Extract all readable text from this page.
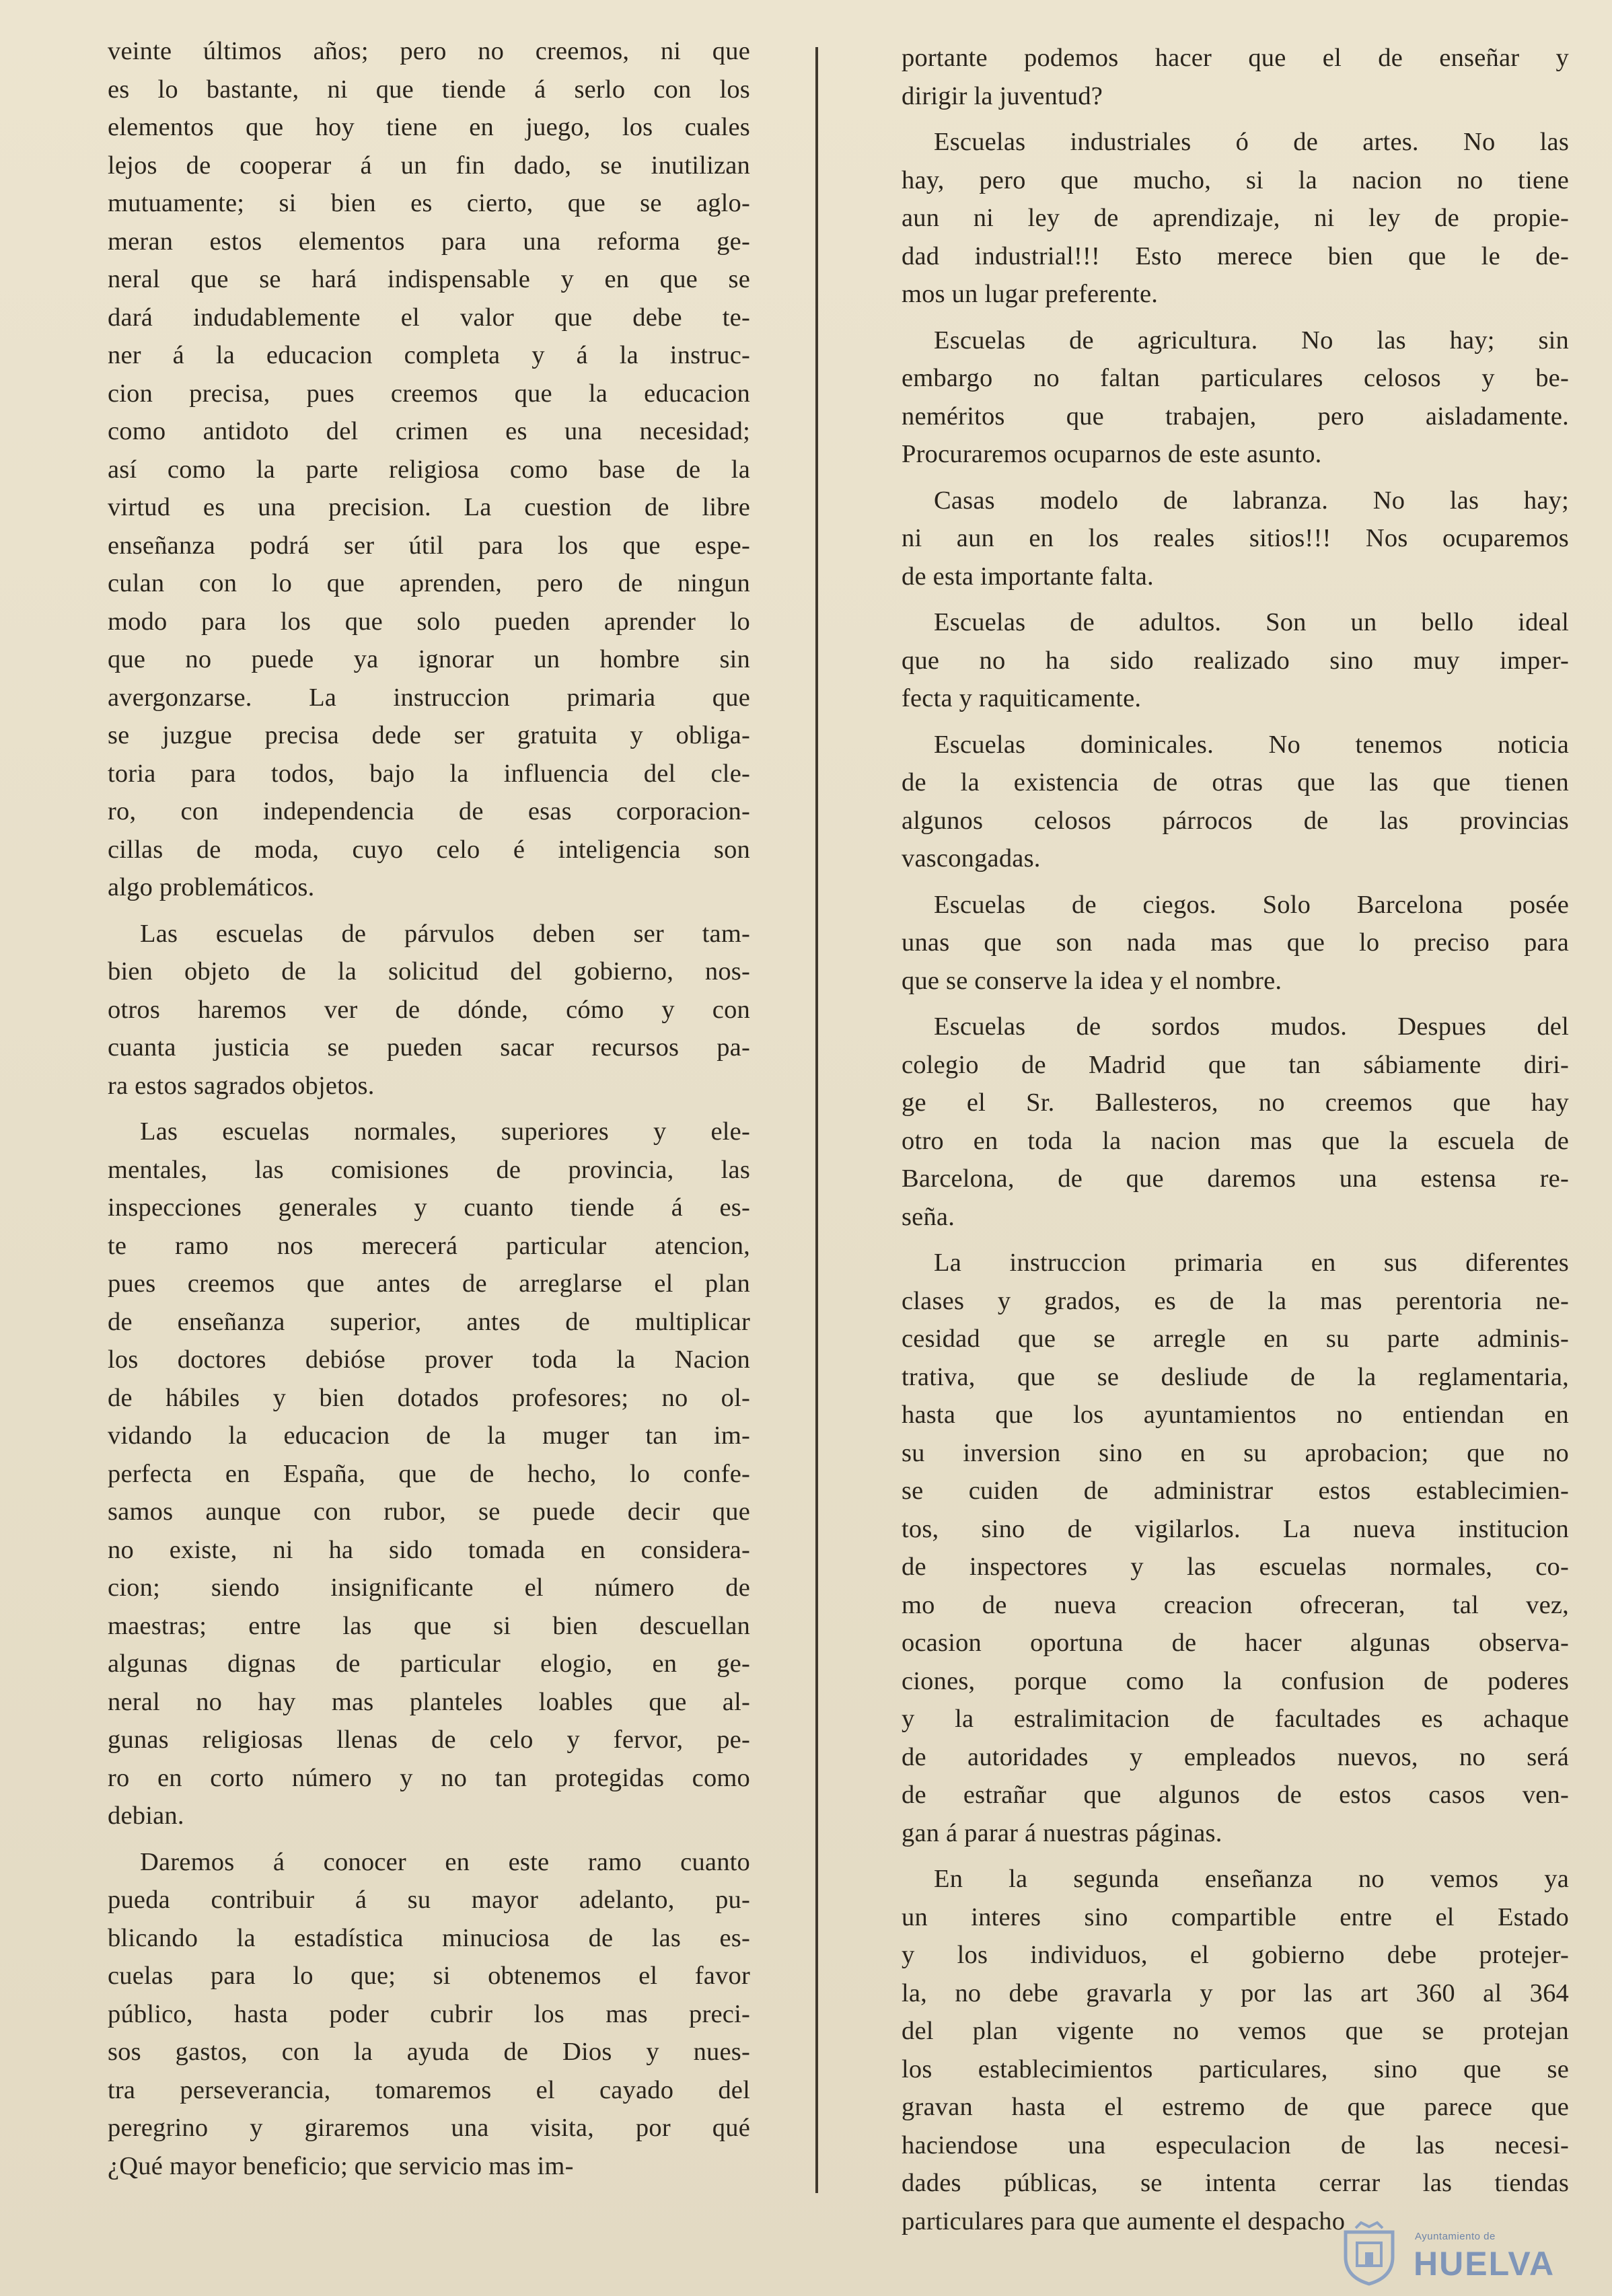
veinte últimos años; pero no creemos, ni que
es lo bastante, ni que tiende á serlo con los
elementos que hoy tiene en juego, los cuales
lejos de cooperar á un fin dado, se inutilizan
mutuamente; si bien es cierto, que se aglo-
meran estos elementos para una reforma ge-
neral que se hará indispensable y en que se
dará indudablemente el valor que debe te-
ner á la educacion completa y á la instruc-
cion precisa, pues creemos que la educacion
como antidoto del crimen es una necesidad;
así como la parte religiosa como base de la
virtud es una precision. La cuestion de libre
enseñanza podrá ser útil para los que espe-
culan con lo que aprenden, pero de ningun
modo para los que solo pueden aprender lo
que no puede ya ignorar un hombre sin
avergonzarse. La instruccion primaria que
se juzgue precisa dede ser gratuita y obliga-
toria para todos, bajo la influencia del cle-
ro, con independencia de esas corporacion-
cillas de moda, cuyo celo é inteligencia son
algo problemáticos.
Las escuelas de párvulos deben ser tam-
bien objeto de la solicitud del gobierno, nos-
otros haremos ver de dónde, cómo y con
cuanta justicia se pueden sacar recursos pa-
ra estos sagrados objetos.
Las escuelas normales, superiores y ele-
mentales, las comisiones de provincia, las
inspecciones generales y cuanto tiende á es-
te ramo nos merecerá particular atencion,
pues creemos que antes de arreglarse el plan
de enseñanza superior, antes de multiplicar
los doctores debióse prover toda la Nacion
de hábiles y bien dotados profesores; no ol-
vidando la educacion de la muger tan im-
perfecta en España, que de hecho, lo confe-
samos aunque con rubor, se puede decir que
no existe, ni ha sido tomada en considera-
cion; siendo insignificante el número de
maestras; entre las que si bien descuellan
algunas dignas de particular elogio, en ge-
neral no hay mas planteles loables que al-
gunas religiosas llenas de celo y fervor, pe-
ro en corto número y no tan protegidas como
debian.
Daremos á conocer en este ramo cuanto
pueda contribuir á su mayor adelanto, pu-
blicando la estadística minuciosa de las es-
cuelas para lo que; si obtenemos el favor
público, hasta poder cubrir los mas preci-
sos gastos, con la ayuda de Dios y nues-
tra perseverancia, tomaremos el cayado del
peregrino y giraremos una visita, por qué
¿Qué mayor beneficio; que servicio mas im-
portante podemos hacer que el de enseñar y
dirigir la juventud?
Escuelas industriales ó de artes. No las
hay, pero que mucho, si la nacion no tiene
aun ni ley de aprendizaje, ni ley de propie-
dad industrial!!! Esto merece bien que le de-
mos un lugar preferente.
Escuelas de agricultura. No las hay; sin
embargo no faltan particulares celosos y be-
neméritos que trabajen, pero aisladamente.
Procuraremos ocuparnos de este asunto.
Casas modelo de labranza. No las hay;
ni aun en los reales sitios!!! Nos ocuparemos
de esta importante falta.
Escuelas de adultos. Son un bello ideal
que no ha sido realizado sino muy imper-
fecta y raquiticamente.
Escuelas dominicales. No tenemos noticia
de la existencia de otras que las que tienen
algunos celosos párrocos de las provincias
vascongadas.
Escuelas de ciegos. Solo Barcelona posée
unas que son nada mas que lo preciso para
que se conserve la idea y el nombre.
Escuelas de sordos mudos. Despues del
colegio de Madrid que tan sábiamente diri-
ge el Sr. Ballesteros, no creemos que hay
otro en toda la nacion mas que la escuela de
Barcelona, de que daremos una estensa re-
seña.
La instruccion primaria en sus diferentes
clases y grados, es de la mas perentoria ne-
cesidad que se arregle en su parte adminis-
trativa, que se desliude de la reglamentaria,
hasta que los ayuntamientos no entiendan en
su inversion sino en su aprobacion; que no
se cuiden de administrar estos establecimien-
tos, sino de vigilarlos. La nueva institucion
de inspectores y las escuelas normales, co-
mo de nueva creacion ofreceran, tal vez,
ocasion oportuna de hacer algunas observa-
ciones, porque como la confusion de poderes
y la estralimitacion de facultades es achaque
de autoridades y empleados nuevos, no será
de estrañar que algunos de estos casos ven-
gan á parar á nuestras páginas.
En la segunda enseñanza no vemos ya
un interes sino compartible entre el Estado
y los individuos, el gobierno debe protejer-
la, no debe gravarla y por las art 360 al 364
del plan vigente no vemos que se protejan
los establecimientos particulares, sino que se
gravan hasta el estremo de que parece que
haciendose una especulacion de las necesi-
dades públicas, se intenta cerrar las tiendas
particulares para que aumente el despacho
Ayuntamiento de
HUELVA
